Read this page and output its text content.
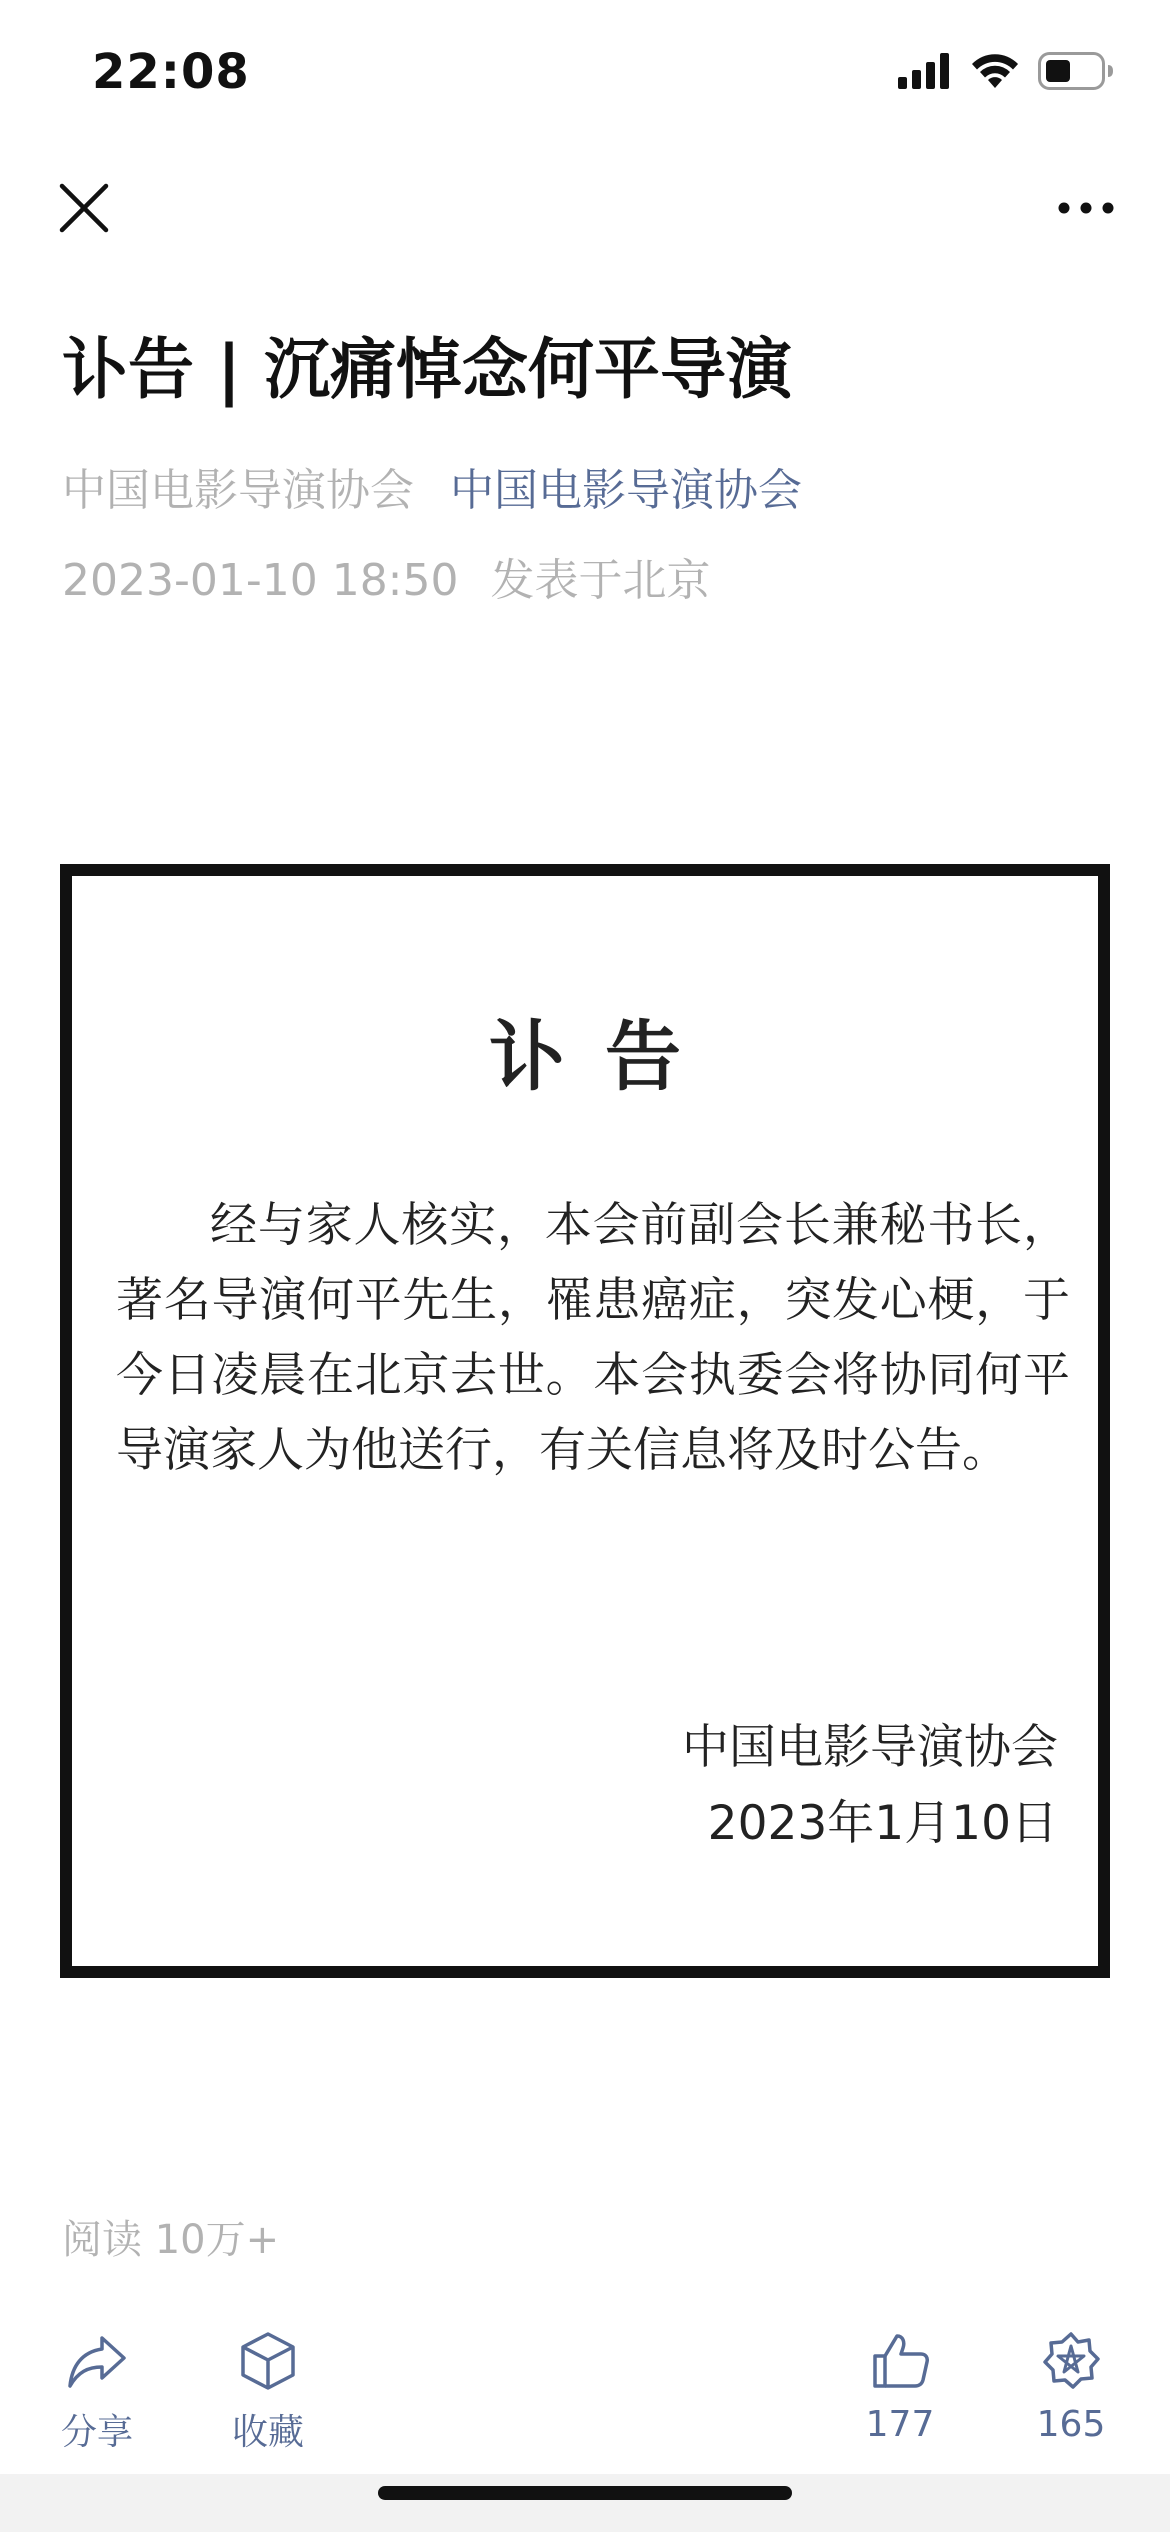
22:08
讣告 | 沉痛悼念何平导演
中国电影导演协会 中国电影导演协会
2023-01-10 18:50 发表于北京
讣告

经与家人核实，本会前副会长兼秘书长，著名导演何平先生，罹患癌症，突发心梗，于今日凌晨在北京去世。本会执委会将协同何平导演家人为他送行，有关信息将及时公告。

中国电影导演协会
2023年1月10日
阅读 10万+
分享	收藏	177	165
